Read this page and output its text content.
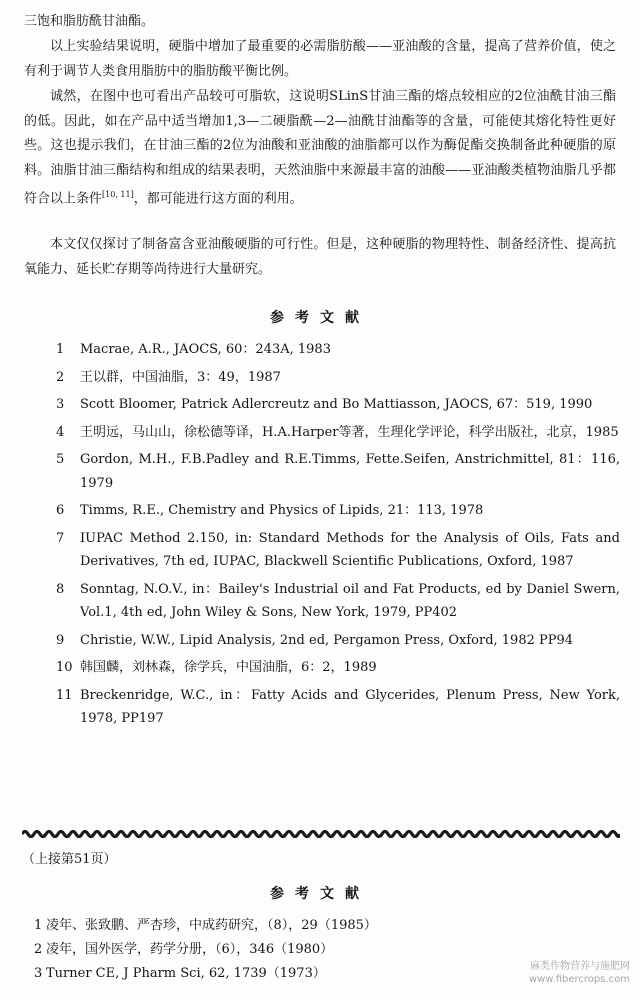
三饱和脂肪酰甘油酯。

以上实验结果说明，硬脂中增加了最重要的必需脂肪酸——亚油酸的含量，提高了营养价值，使之有利于调节人类食用脂肪中的脂肪酸平衡比例。

诚然，在图中也可看出产品较可可脂软，这说明SLinS甘油三酯的熔点较相应的2位油酰甘油三酯的低。因此，如在产品中适当增加1,3—二硬脂酰—2—油酰甘油酯等的含量，可能使其熔化特性更好些。这也提示我们，在甘油三酯的2位为油酸和亚油酸的油脂都可以作为酶促酯交换制备此种硬脂的原料。油脂甘油三酯结构和组成的结果表明，天然油脂中来源最丰富的油酸——亚油酸类植物油脂几乎都符合以上条件[10, 11]，都可能进行这方面的利用。

本文仅仅探讨了制备富含亚油酸硬脂的可行性。但是，这种硬脂的物理特性、制备经济性、提高抗氧能力、延长贮存期等尚待进行大量研究。

参考文献
1 Macrae, A.R., JAOCS, 60：243A, 1983
2 王以群，中国油脂，3：49，1987
3 Scott Bloomer, Patrick Adlercreutz and Bo Mattiasson, JAOCS, 67：519, 1990
4 王明远，马山山，徐松德等译，H.A.Harper等著，生理化学评论，科学出版社，北京，1985
5 Gordon, M.H., F.B.Padley and R.E.Timms, Fette.Seifen, Anstrichmittel, 81：116, 1979
6 Timms, R.E., Chemistry and Physics of Lipids, 21：113, 1978
7 IUPAC Method 2.150, in: Standard Methods for the Analysis of Oils, Fats and Derivatives, 7th ed, IUPAC, Blackwell Scientific Publications, Oxford, 1987
8 Sonntag, N.O.V., in：Bailey's Industrial oil and Fat Products, ed by Daniel Swern, Vol.1, 4th ed, John Wiley & Sons, New York, 1979, PP402
9 Christie, W.W., Lipid Analysis, 2nd ed, Pergamon Press, Oxford, 1982 PP94
10 韩国麟，刘林森，徐学兵，中国油脂，6：2，1989
11 Breckenridge, W.C., in：Fatty Acids and Glycerides, Plenum Press, New York, 1978, PP197

（上接第51页）

参考文献
1 凌年、张致鹏、严杏珍，中成药研究，（8），29（1985）
2 凌年，国外医学，药学分册，（6），346（1980）
3 Turner CE, J Pharm Sci, 62, 1739（1973）	麻类作物营养与施肥网
www.fibercrops.com
